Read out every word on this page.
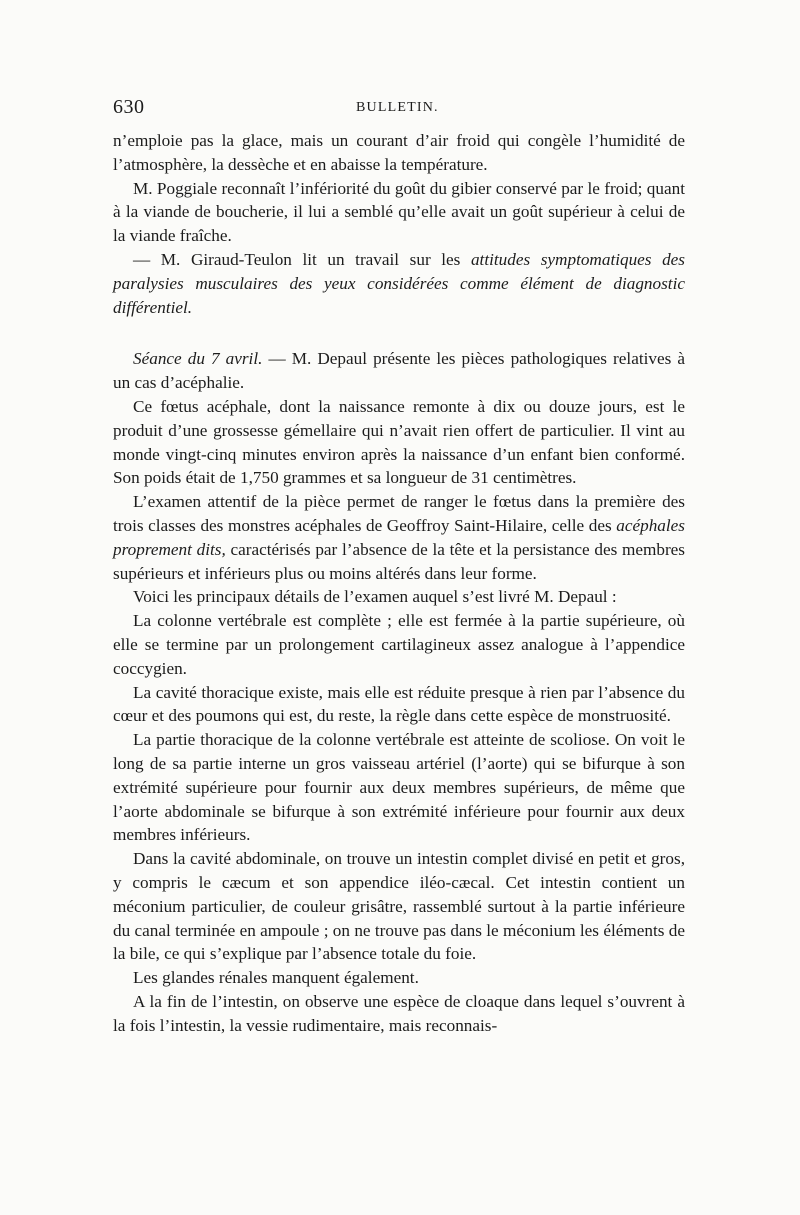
630	BULLETIN.

n’emploie pas la glace, mais un courant d’air froid qui congèle l’humidité de l’atmosphère, la dessèche et en abaisse la température.

M. Poggiale reconnaît l’infériorité du goût du gibier conservé par le froid; quant à la viande de boucherie, il lui a semblé qu’elle avait un goût supérieur à celui de la viande fraîche.

— M. Giraud-Teulon lit un travail sur les attitudes symptomatiques des paralysies musculaires des yeux considérées comme élément de diagnostic différentiel.

Séance du 7 avril. — M. Depaul présente les pièces pathologiques relatives à un cas d’acéphalie.

Ce fœtus acéphale, dont la naissance remonte à dix ou douze jours, est le produit d’une grossesse gémellaire qui n’avait rien offert de particulier. Il vint au monde vingt-cinq minutes environ après la naissance d’un enfant bien conformé. Son poids était de 1,750 grammes et sa longueur de 31 centimètres.

L’examen attentif de la pièce permet de ranger le fœtus dans la première des trois classes des monstres acéphales de Geoffroy Saint-Hilaire, celle des acéphales proprement dits, caractérisés par l’absence de la tête et la persistance des membres supérieurs et inférieurs plus ou moins altérés dans leur forme.

Voici les principaux détails de l’examen auquel s’est livré M. Depaul :

La colonne vertébrale est complète ; elle est fermée à la partie supérieure, où elle se termine par un prolongement cartilagineux assez analogue à l’appendice coccygien.

La cavité thoracique existe, mais elle est réduite presque à rien par l’absence du cœur et des poumons qui est, du reste, la règle dans cette espèce de monstruosité.

La partie thoracique de la colonne vertébrale est atteinte de scoliose. On voit le long de sa partie interne un gros vaisseau artériel (l’aorte) qui se bifurque à son extrémité supérieure pour fournir aux deux membres supérieurs, de même que l’aorte abdominale se bifurque à son extrémité inférieure pour fournir aux deux membres inférieurs.

Dans la cavité abdominale, on trouve un intestin complet divisé en petit et gros, y compris le cæcum et son appendice iléo-cæcal. Cet intestin contient un méconium particulier, de couleur grisâtre, rassemblé surtout à la partie inférieure du canal terminée en ampoule ; on ne trouve pas dans le méconium les éléments de la bile, ce qui s’explique par l’absence totale du foie.

Les glandes rénales manquent également.

A la fin de l’intestin, on observe une espèce de cloaque dans lequel s’ouvrent à la fois l’intestin, la vessie rudimentaire, mais reconnais-
